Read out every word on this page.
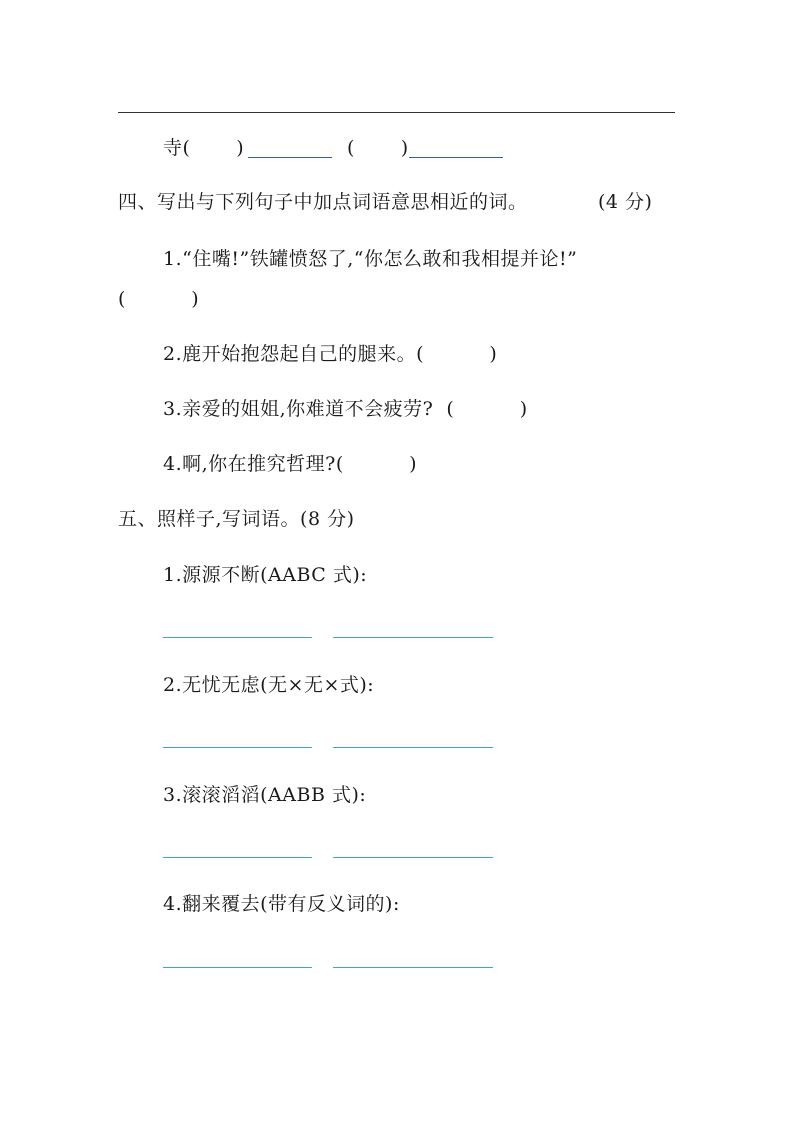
寺(       )	(       )
四、写出与下列句子中加点词语意思相近的词。	(4 分)
1.“住嘴!”铁罐愤怒了,“你怎么敢和我相提并论!”
(          )
2.鹿开始抱怨起自己的腿来。(          )
3.亲爱的姐姐,你难道不会疲劳?  (          )
4.啊,你在推究哲理?(          )
五、照样子,写词语。(8 分)
1.源源不断(AABC 式):
2.无忧无虑(无×无×式):
3.滚滚滔滔(AABB 式):
4.翻来覆去(带有反义词的):
